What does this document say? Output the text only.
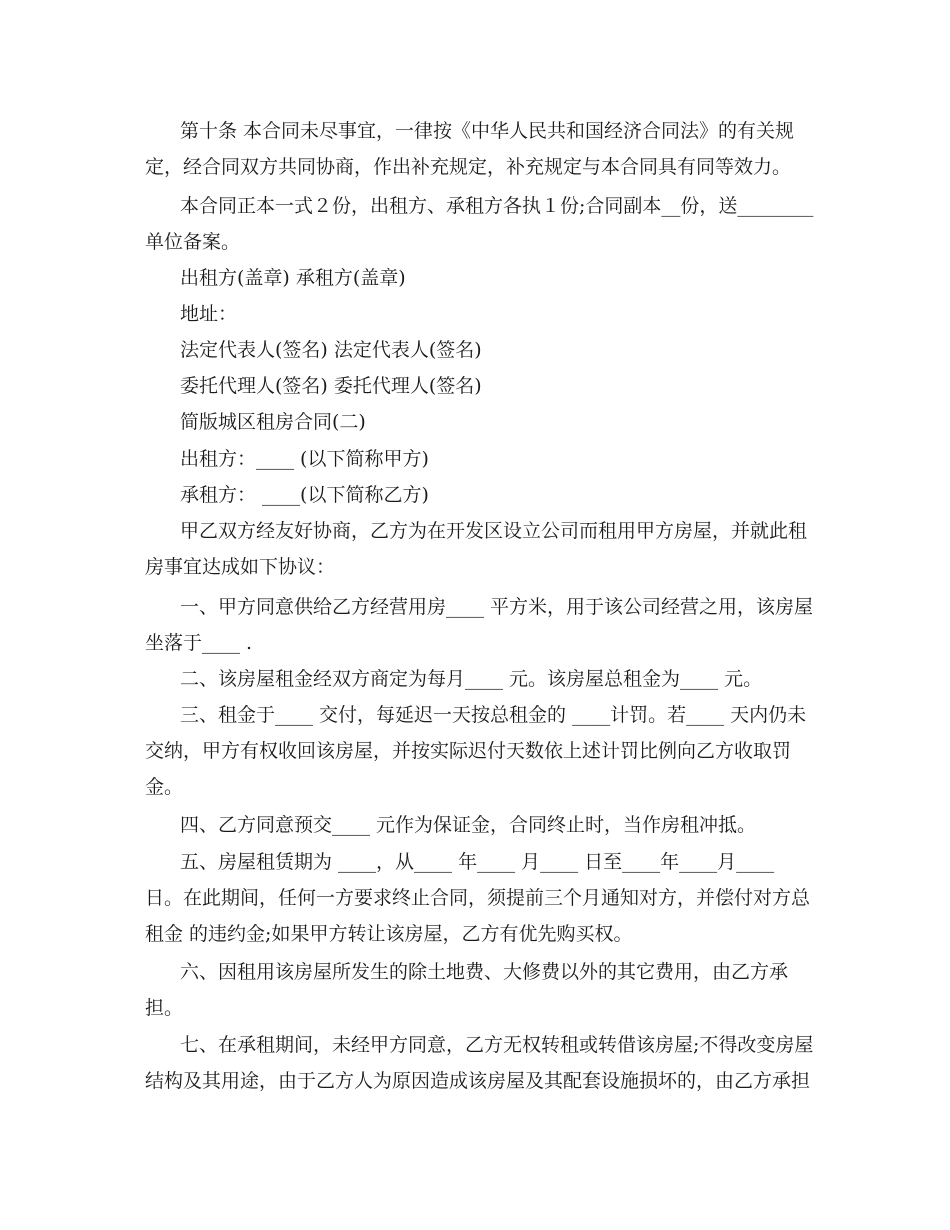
第十条 本合同未尽事宜，一律按《中华人民共和国经济合同法》的有关规
定，经合同双方共同协商，作出补充规定，补充规定与本合同具有同等效力。
本合同正本一式２份，出租方、承租方各执１份;合同副本__份，送________
单位备案。
出租方(盖章) 承租方(盖章)
地址：
法定代表人(签名) 法定代表人(签名)
委托代理人(签名) 委托代理人(签名)
简版城区租房合同(二)
出租方：____ (以下简称甲方)
承租方： ____(以下简称乙方)
甲乙双方经友好协商，乙方为在开发区设立公司而租用甲方房屋，并就此租
房事宜达成如下协议：
一、甲方同意供给乙方经营用房____ 平方米，用于该公司经营之用，该房屋
坐落于____ .
二、该房屋租金经双方商定为每月____ 元。该房屋总租金为____ 元。
三、租金于____ 交付，每延迟一天按总租金的 ____计罚。若____ 天内仍未
交纳，甲方有权收回该房屋，并按实际迟付天数依上述计罚比例向乙方收取罚
金。
四、乙方同意预交____ 元作为保证金，合同终止时，当作房租冲抵。
五、房屋租赁期为 ____，从____ 年____ 月____ 日至____年____月____
日。在此期间，任何一方要求终止合同，须提前三个月通知对方，并偿付对方总
租金 的违约金;如果甲方转让该房屋，乙方有优先购买权。
六、因租用该房屋所发生的除土地费、大修费以外的其它费用，由乙方承
担。
七、在承租期间，未经甲方同意，乙方无权转租或转借该房屋;不得改变房屋
结构及其用途，由于乙方人为原因造成该房屋及其配套设施损坏的，由乙方承担
